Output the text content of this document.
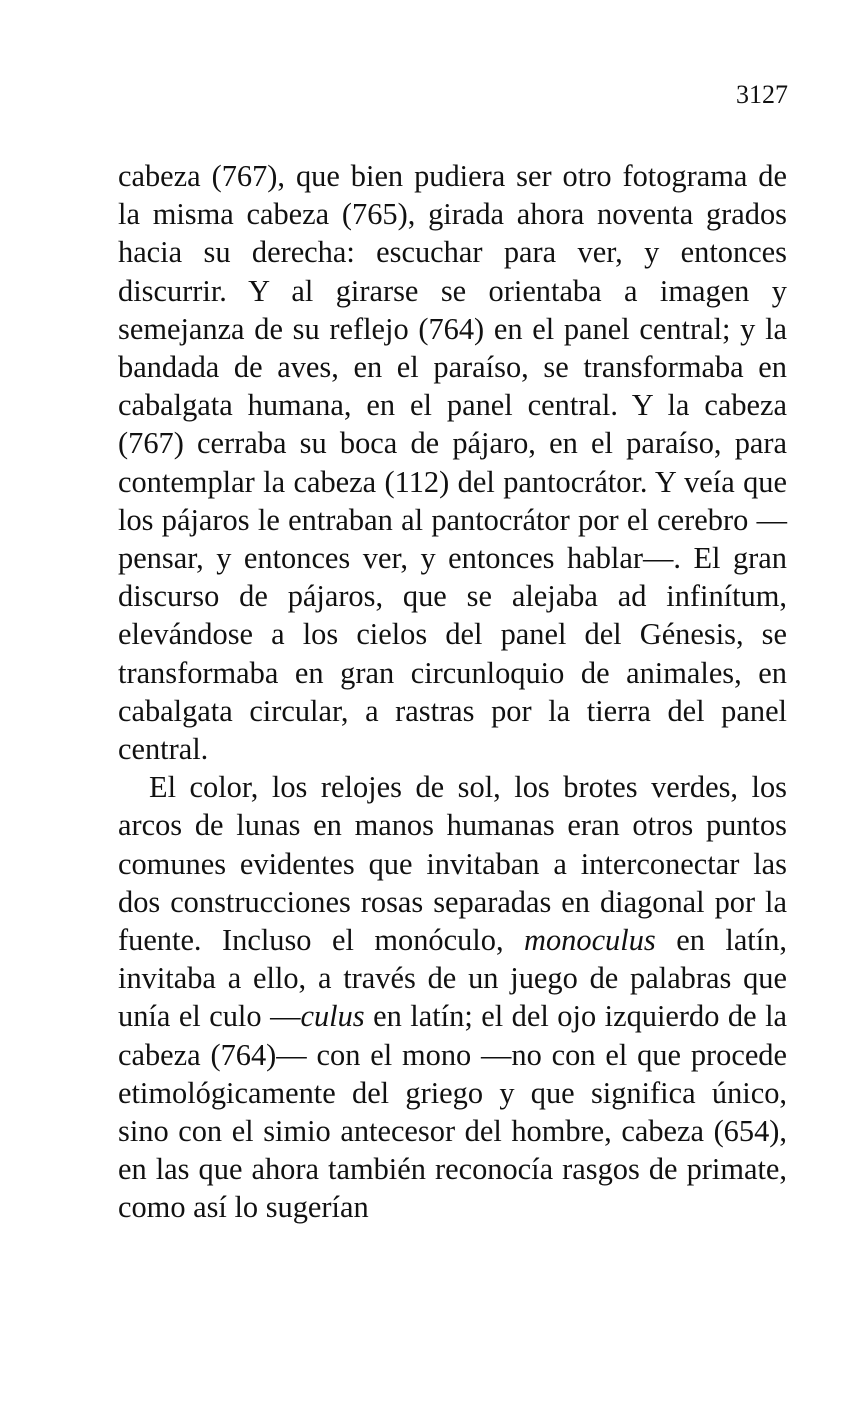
3127

cabeza (767), que bien pudiera ser otro fotograma de la misma cabeza (765), girada ahora noventa grados hacia su derecha: escuchar para ver, y entonces discurrir. Y al girarse se orientaba a imagen y semejanza de su reflejo (764) en el panel central; y la bandada de aves, en el paraíso, se transformaba en cabalgata humana, en el panel central. Y la cabeza (767) cerraba su boca de pájaro, en el paraíso, para contemplar la cabeza (112) del pantocrátor. Y veía que los pájaros le entraban al pantocrátor por el cerebro —pensar, y entonces ver, y entonces hablar—. El gran discurso de pájaros, que se alejaba ad infinítum, elevándose a los cielos del panel del Génesis, se transformaba en gran circunloquio de animales, en cabalgata circular, a rastras por la tierra del panel central.

El color, los relojes de sol, los brotes verdes, los arcos de lunas en manos humanas eran otros puntos comunes evidentes que invitaban a interconectar las dos construcciones rosas separadas en diagonal por la fuente. Incluso el monóculo, monoculus en latín, invitaba a ello, a través de un juego de palabras que unía el culo —culus en latín; el del ojo izquierdo de la cabeza (764)— con el mono —no con el que procede etimológicamente del griego y que significa único, sino con el simio antecesor del hombre, cabeza (654), en las que ahora también reconocía rasgos de primate, como así lo sugerían
